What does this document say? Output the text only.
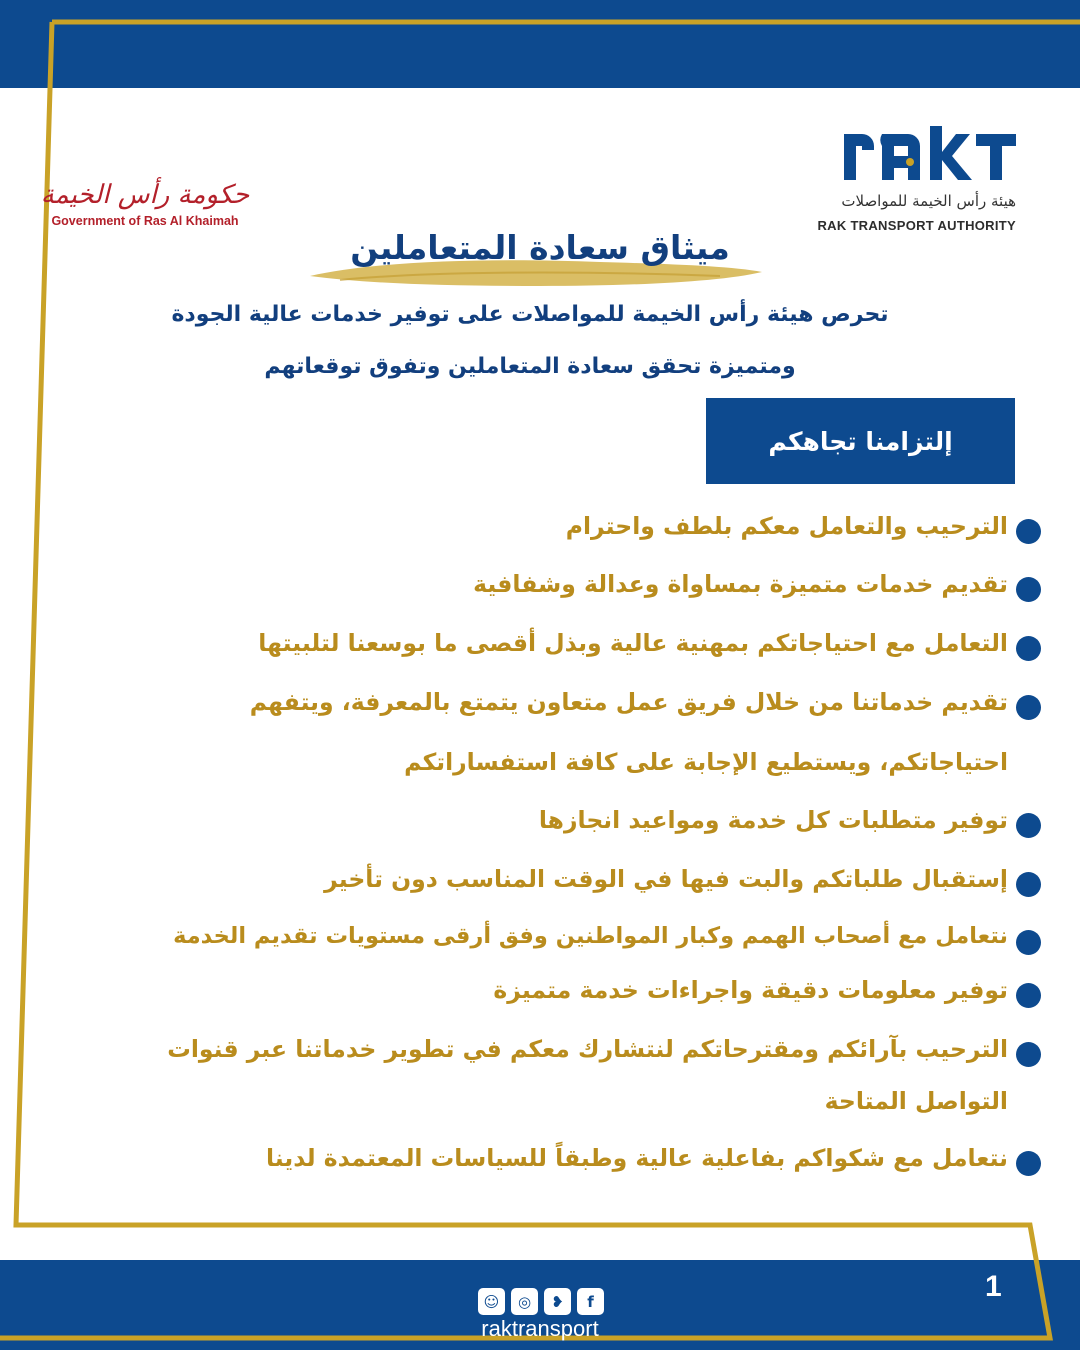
هيئة رأس الخيمة للمواصلات
RAK TRANSPORT AUTHORITY
حكومة رأس الخيمة
Government of Ras Al Khaimah
ميثاق سعادة المتعاملين
تحرص هيئة رأس الخيمة للمواصلات على توفير خدمات عالية الجودة
ومتميزة تحقق سعادة المتعاملين وتفوق توقعاتهم
إلتزامنا تجاهكم
الترحيب والتعامل معكم بلطف واحترام
تقديم خدمات متميزة بمساواة وعدالة وشفافية
التعامل مع احتياجاتكم بمهنية عالية وبذل أقصى ما بوسعنا لتلبيتها
تقديم خدماتنا من خلال فريق عمل متعاون يتمتع بالمعرفة، ويتفهم
احتياجاتكم، ويستطيع الإجابة على كافة استفساراتكم
توفير متطلبات كل خدمة ومواعيد انجازها
إستقبال طلباتكم والبت فيها في الوقت المناسب دون تأخير
نتعامل مع أصحاب الهمم وكبار المواطنين وفق أرقى مستويات تقديم الخدمة
توفير معلومات دقيقة واجراءات خدمة متميزة
الترحيب بآرائكم ومقترحاتكم لنتشارك معكم في تطوير خدماتنا عبر قنوات
التواصل المتاحة
نتعامل مع شكواكم بفاعلية عالية وطبقاً للسياسات المعتمدة لدينا
☺	◎	❥	f
raktransport
1
